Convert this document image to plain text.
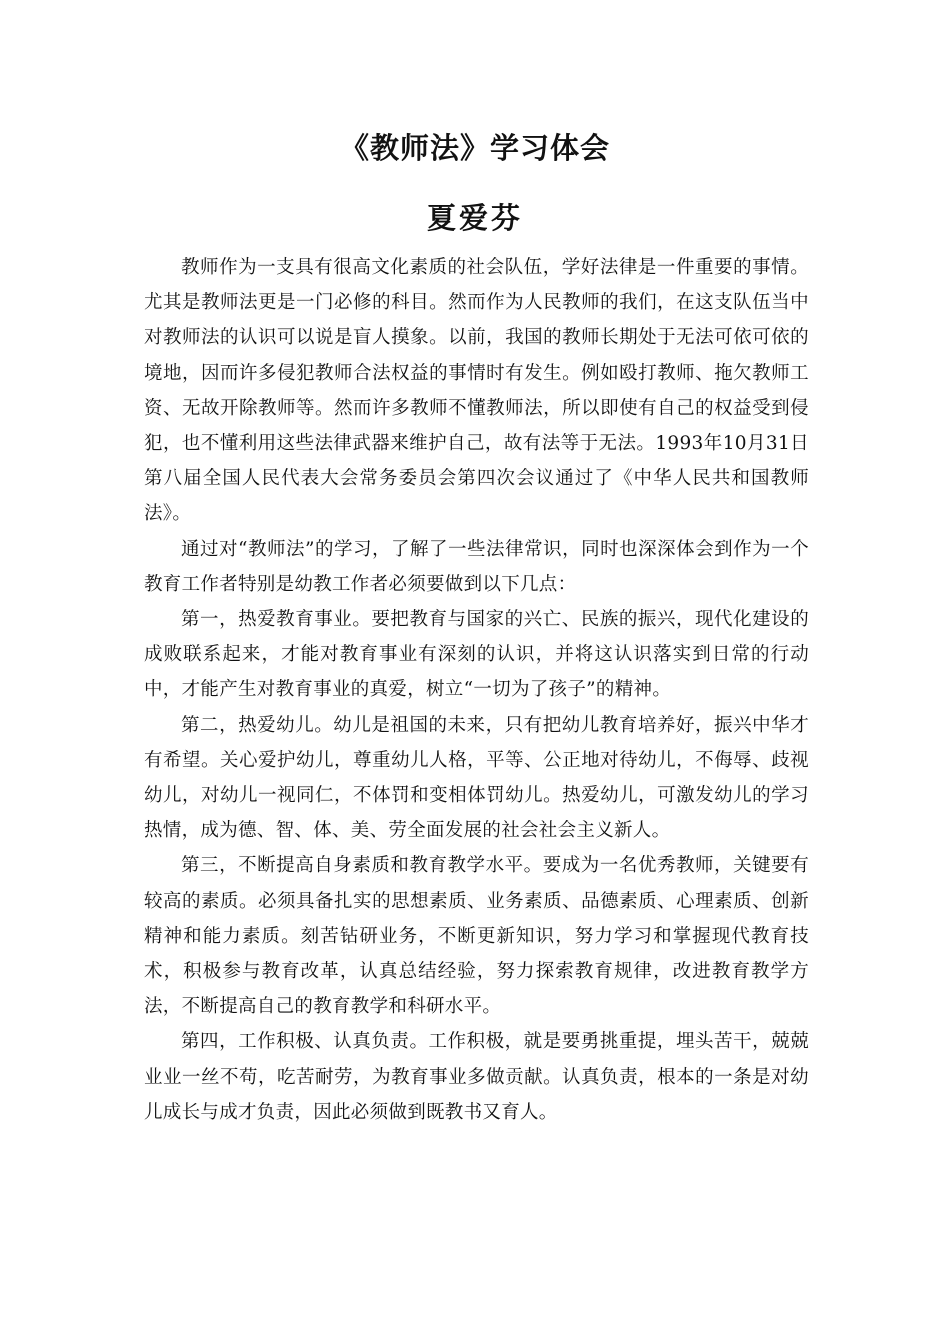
《教师法》学习体会
夏爱芬

教师作为一支具有很高文化素质的社会队伍，学好法律是一件重要的事情。尤其是教师法更是一门必修的科目。然而作为人民教师的我们，在这支队伍当中对教师法的认识可以说是盲人摸象。以前，我国的教师长期处于无法可依可依的境地，因而许多侵犯教师合法权益的事情时有发生。例如殴打教师、拖欠教师工资、无故开除教师等。然而许多教师不懂教师法，所以即使有自己的权益受到侵犯，也不懂利用这些法律武器来维护自己，故有法等于无法。1993年10月31日第八届全国人民代表大会常务委员会第四次会议通过了《中华人民共和国教师法》。

通过对“教师法”的学习，了解了一些法律常识，同时也深深体会到作为一个教育工作者特别是幼教工作者必须要做到以下几点：

第一，热爱教育事业。要把教育与国家的兴亡、民族的振兴，现代化建设的成败联系起来，才能对教育事业有深刻的认识，并将这认识落实到日常的行动中，才能产生对教育事业的真爱，树立“一切为了孩子”的精神。

第二，热爱幼儿。幼儿是祖国的未来，只有把幼儿教育培养好，振兴中华才有希望。关心爱护幼儿，尊重幼儿人格，平等、公正地对待幼儿，不侮辱、歧视幼儿，对幼儿一视同仁，不体罚和变相体罚幼儿。热爱幼儿，可激发幼儿的学习热情，成为德、智、体、美、劳全面发展的社会社会主义新人。

第三，不断提高自身素质和教育教学水平。要成为一名优秀教师，关键要有较高的素质。必须具备扎实的思想素质、业务素质、品德素质、心理素质、创新精神和能力素质。刻苦钻研业务，不断更新知识，努力学习和掌握现代教育技术，积极参与教育改革，认真总结经验，努力探索教育规律，改进教育教学方法，不断提高自己的教育教学和科研水平。

第四，工作积极、认真负责。工作积极，就是要勇挑重提，埋头苦干，兢兢业业一丝不苟，吃苦耐劳，为教育事业多做贡献。认真负责，根本的一条是对幼儿成长与成才负责，因此必须做到既教书又育人。
